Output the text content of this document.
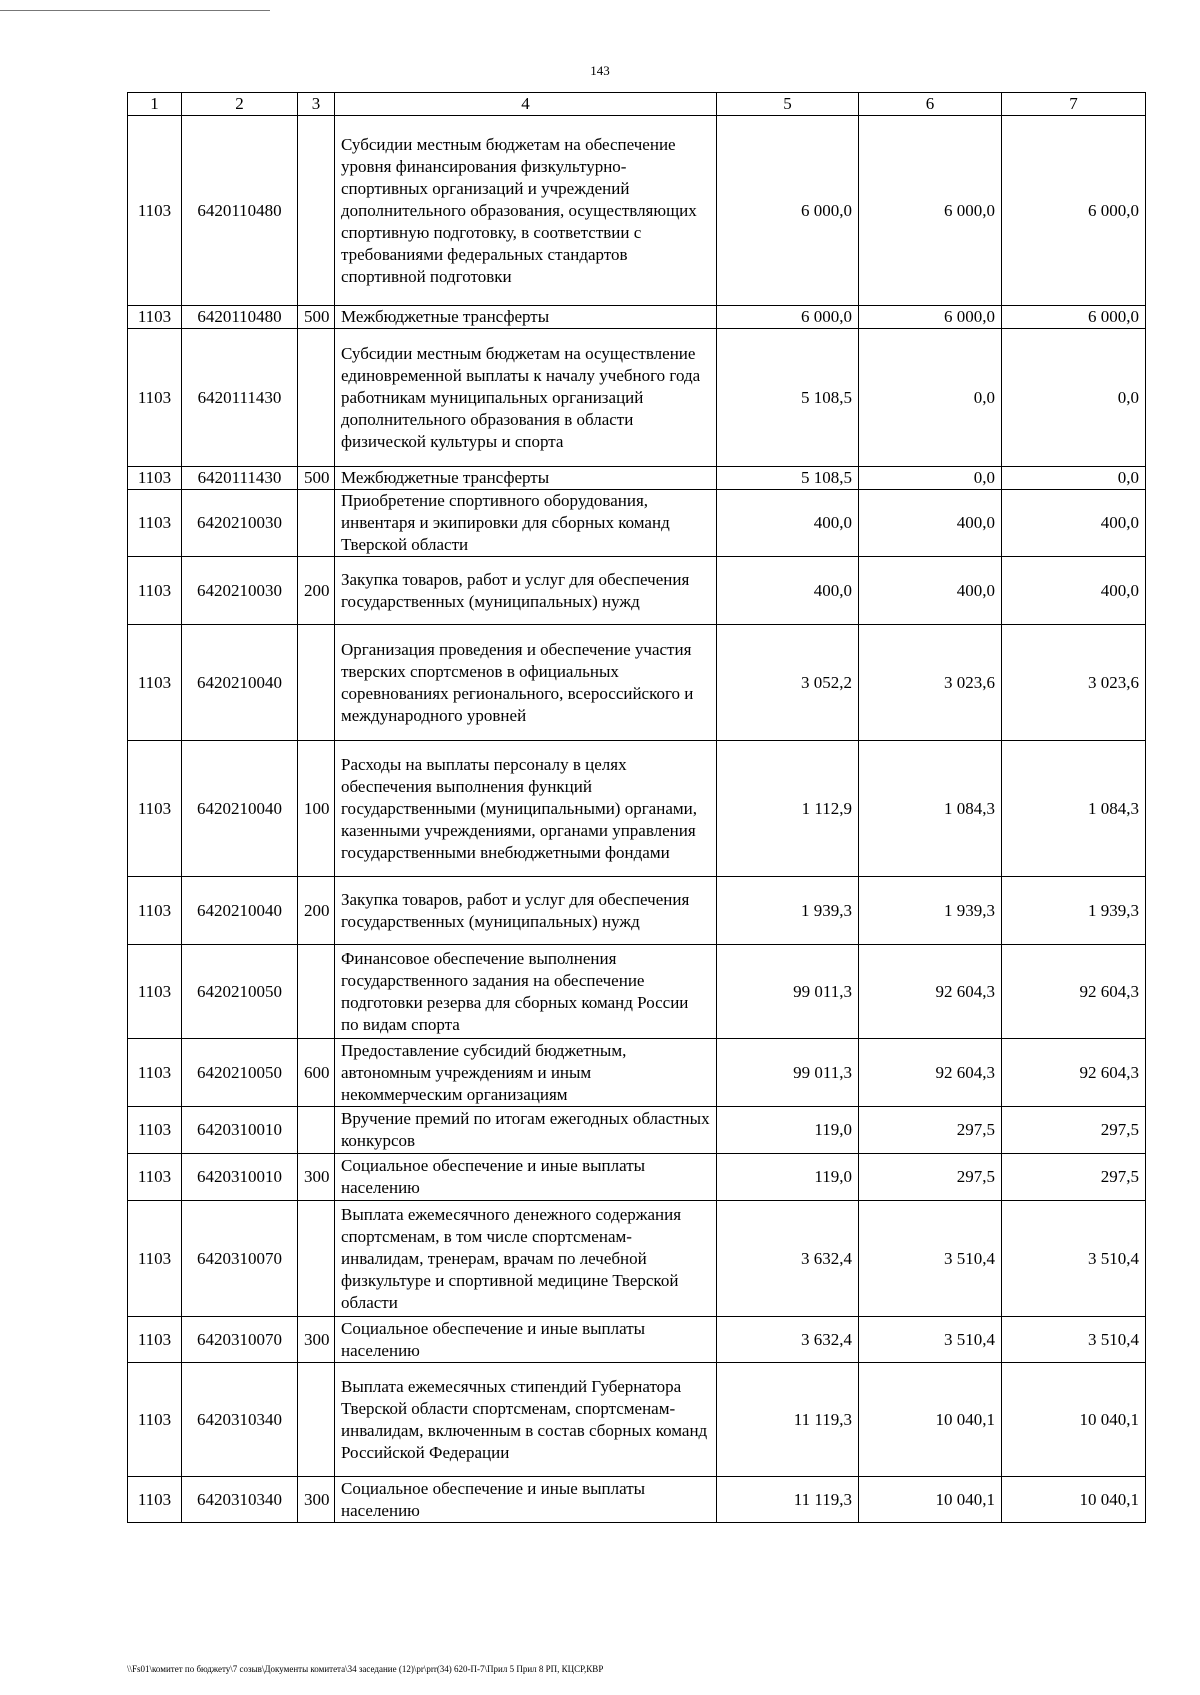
143
1	2	3	4	5	6	7
1103	6420110480		Субсидии местным бюджетам на обеспечение уровня финансирования физкультурно-спортивных организаций и учреждений дополнительного образования, осуществляющих спортивную подготовку, в соответствии с требованиями федеральных стандартов спортивной подготовки	6 000,0	6 000,0	6 000,0
1103	6420110480	500	Межбюджетные трансферты	6 000,0	6 000,0	6 000,0
1103	6420111430		Субсидии местным бюджетам на осуществление единовременной выплаты к началу учебного года работникам муниципальных организаций дополнительного образования в области физической культуры и спорта	5 108,5	0,0	0,0
1103	6420111430	500	Межбюджетные трансферты	5 108,5	0,0	0,0
1103	6420210030		Приобретение спортивного оборудования, инвентаря и экипировки для сборных команд Тверской области	400,0	400,0	400,0
1103	6420210030	200	Закупка товаров, работ и услуг для обеспечения государственных (муниципальных) нужд	400,0	400,0	400,0
1103	6420210040		Организация проведения и обеспечение участия тверских спортсменов в официальных соревнованиях регионального, всероссийского и международного уровней	3 052,2	3 023,6	3 023,6
1103	6420210040	100	Расходы на выплаты персоналу в целях обеспечения выполнения функций государственными (муниципальными) органами, казенными учреждениями, органами управления государственными внебюджетными фондами	1 112,9	1 084,3	1 084,3
1103	6420210040	200	Закупка товаров, работ и услуг для обеспечения государственных (муниципальных) нужд	1 939,3	1 939,3	1 939,3
1103	6420210050		Финансовое обеспечение выполнения государственного задания на обеспечение подготовки резерва для сборных команд России по видам спорта	99 011,3	92 604,3	92 604,3
1103	6420210050	600	Предоставление субсидий бюджетным, автономным учреждениям и иным некоммерческим организациям	99 011,3	92 604,3	92 604,3
1103	6420310010		Вручение премий по итогам ежегодных областных конкурсов	119,0	297,5	297,5
1103	6420310010	300	Социальное обеспечение и иные выплаты населению	119,0	297,5	297,5
1103	6420310070		Выплата ежемесячного денежного содержания спортсменам, в том числе спортсменам-инвалидам, тренерам, врачам по лечебной физкультуре и спортивной медицине Тверской области	3 632,4	3 510,4	3 510,4
1103	6420310070	300	Социальное обеспечение и иные выплаты населению	3 632,4	3 510,4	3 510,4
1103	6420310340		Выплата ежемесячных стипендий Губернатора Тверской области спортсменам, спортсменам-инвалидам, включенным в состав сборных команд Российской Федерации	11 119,3	10 040,1	10 040,1
1103	6420310340	300	Социальное обеспечение и иные выплаты населению	11 119,3	10 040,1	10 040,1
\\Fs01\комитет по бюджету\7 созыв\Документы комитета\34 заседание (12)\pr\prr(34) 620-П-7\Прил 5 Прил 8 РП, КЦСР,КВР
